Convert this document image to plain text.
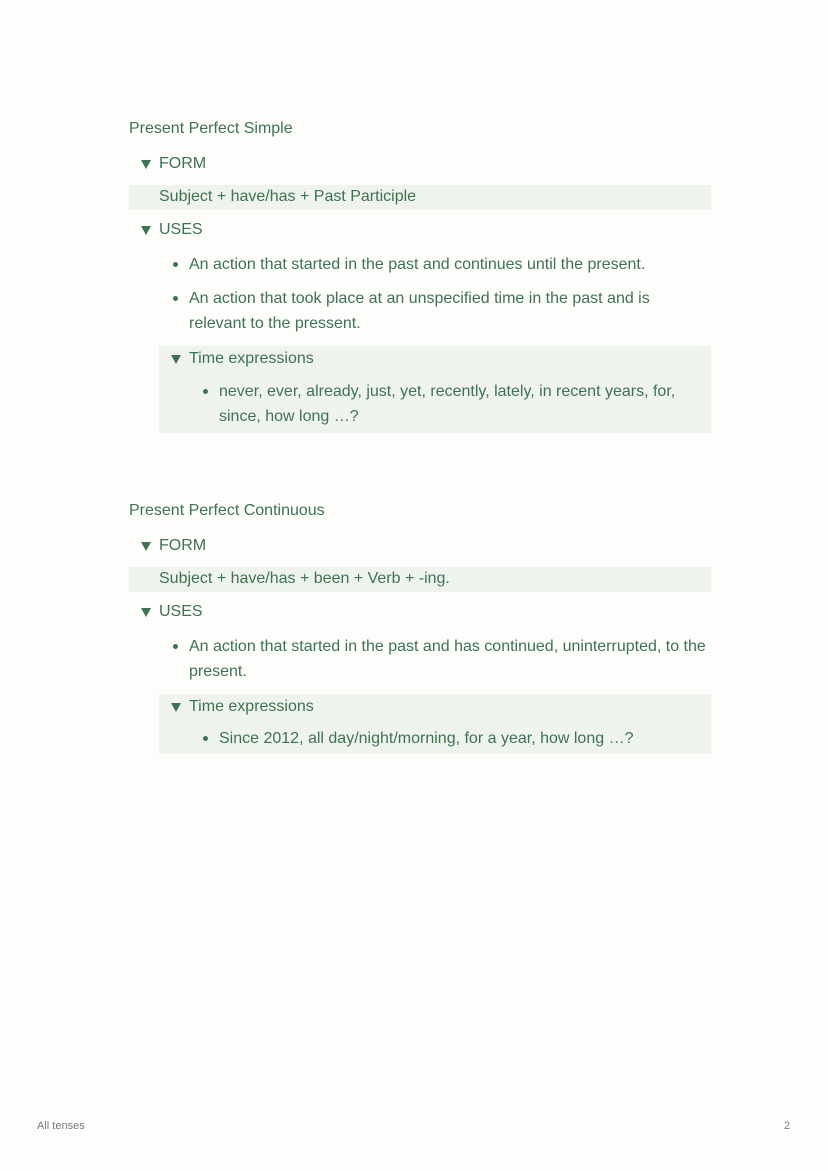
Present Perfect Simple
FORM
Subject + have/has + Past Participle
USES
An action that started in the past and continues until the present.
An action that took place at an unspecified time in the past and is relevant to the pressent.
Time expressions
never, ever, already, just, yet, recently, lately, in recent years, for, since, how long …?
Present Perfect Continuous
FORM
Subject + have/has + been + Verb + -ing.
USES
An action that started in the past and has continued, uninterrupted, to the present.
Time expressions
Since 2012, all day/night/morning, for a year, how long …?
All tenses	2
